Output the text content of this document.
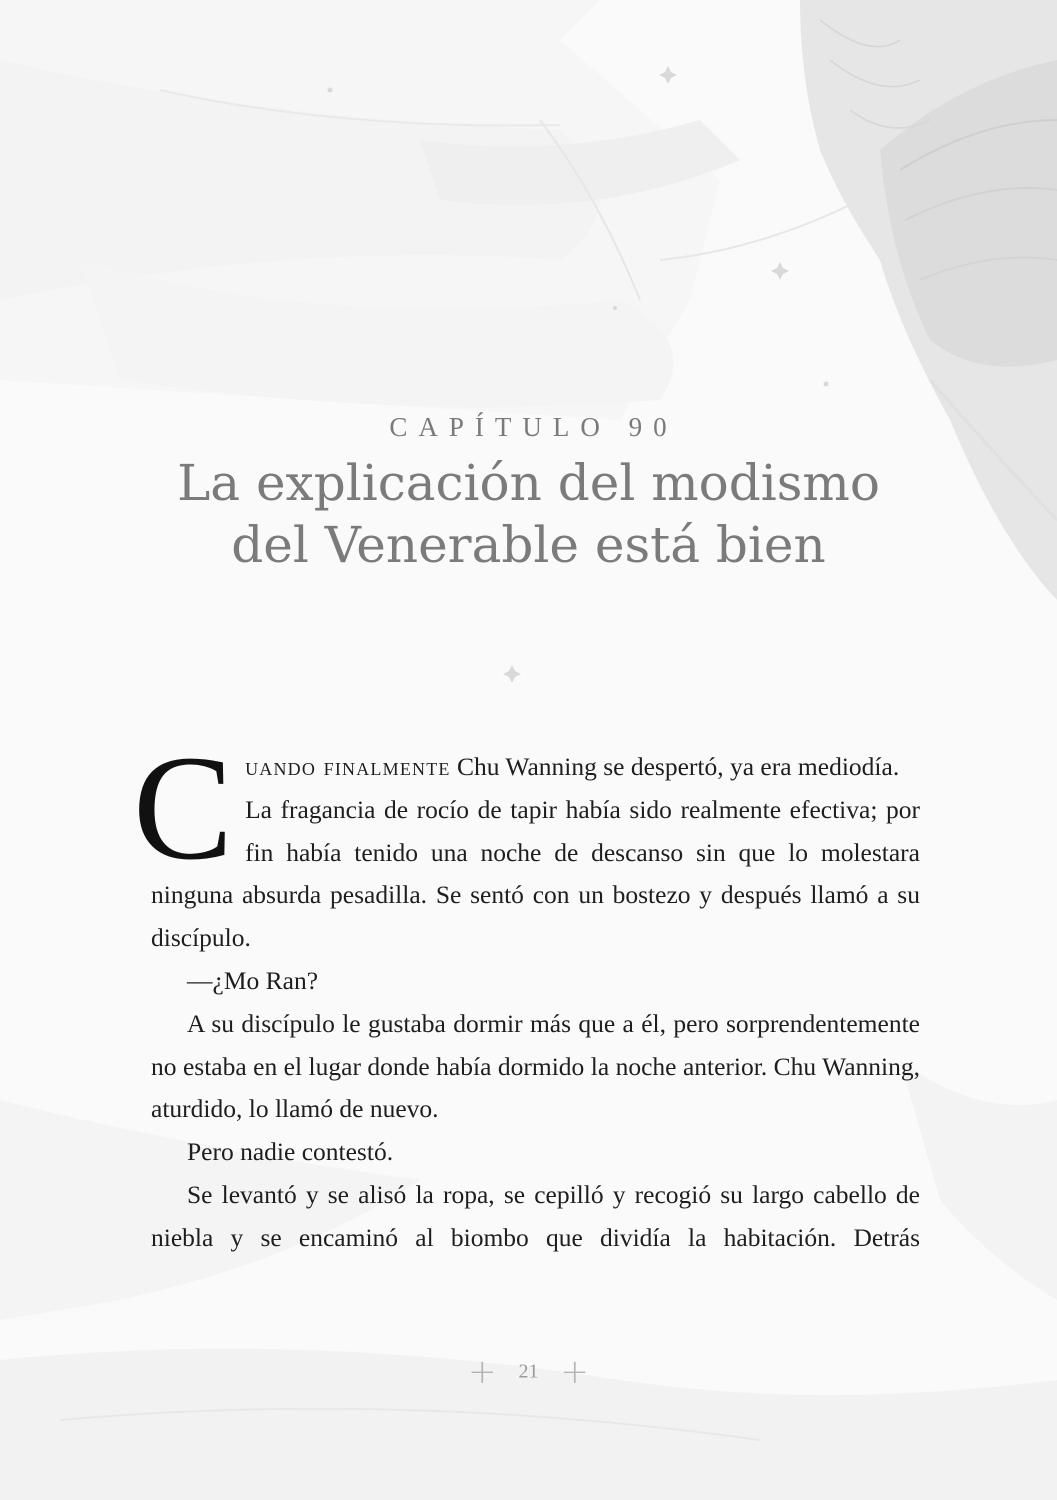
CAPÍTULO 90
La explicación del modismo
del Venerable está bien

Cuando finalmente Chu Wanning se despertó, ya era mediodía.

La fragancia de rocío de tapir había sido realmente efectiva; por fin había tenido una noche de descanso sin que lo molestara ninguna absurda pesadilla. Se sentó con un bostezo y después llamó a su discípulo.

—¿Mo Ran?

A su discípulo le gustaba dormir más que a él, pero sorprendentemente no estaba en el lugar donde había dormido la noche anterior. Chu Wanning, aturdido, lo llamó de nuevo.

Pero nadie contestó.

Se levantó y se alisó la ropa, se cepilló y recogió su largo cabello de niebla y se encaminó al biombo que dividía la habitación. Detrás

+ 21 +
